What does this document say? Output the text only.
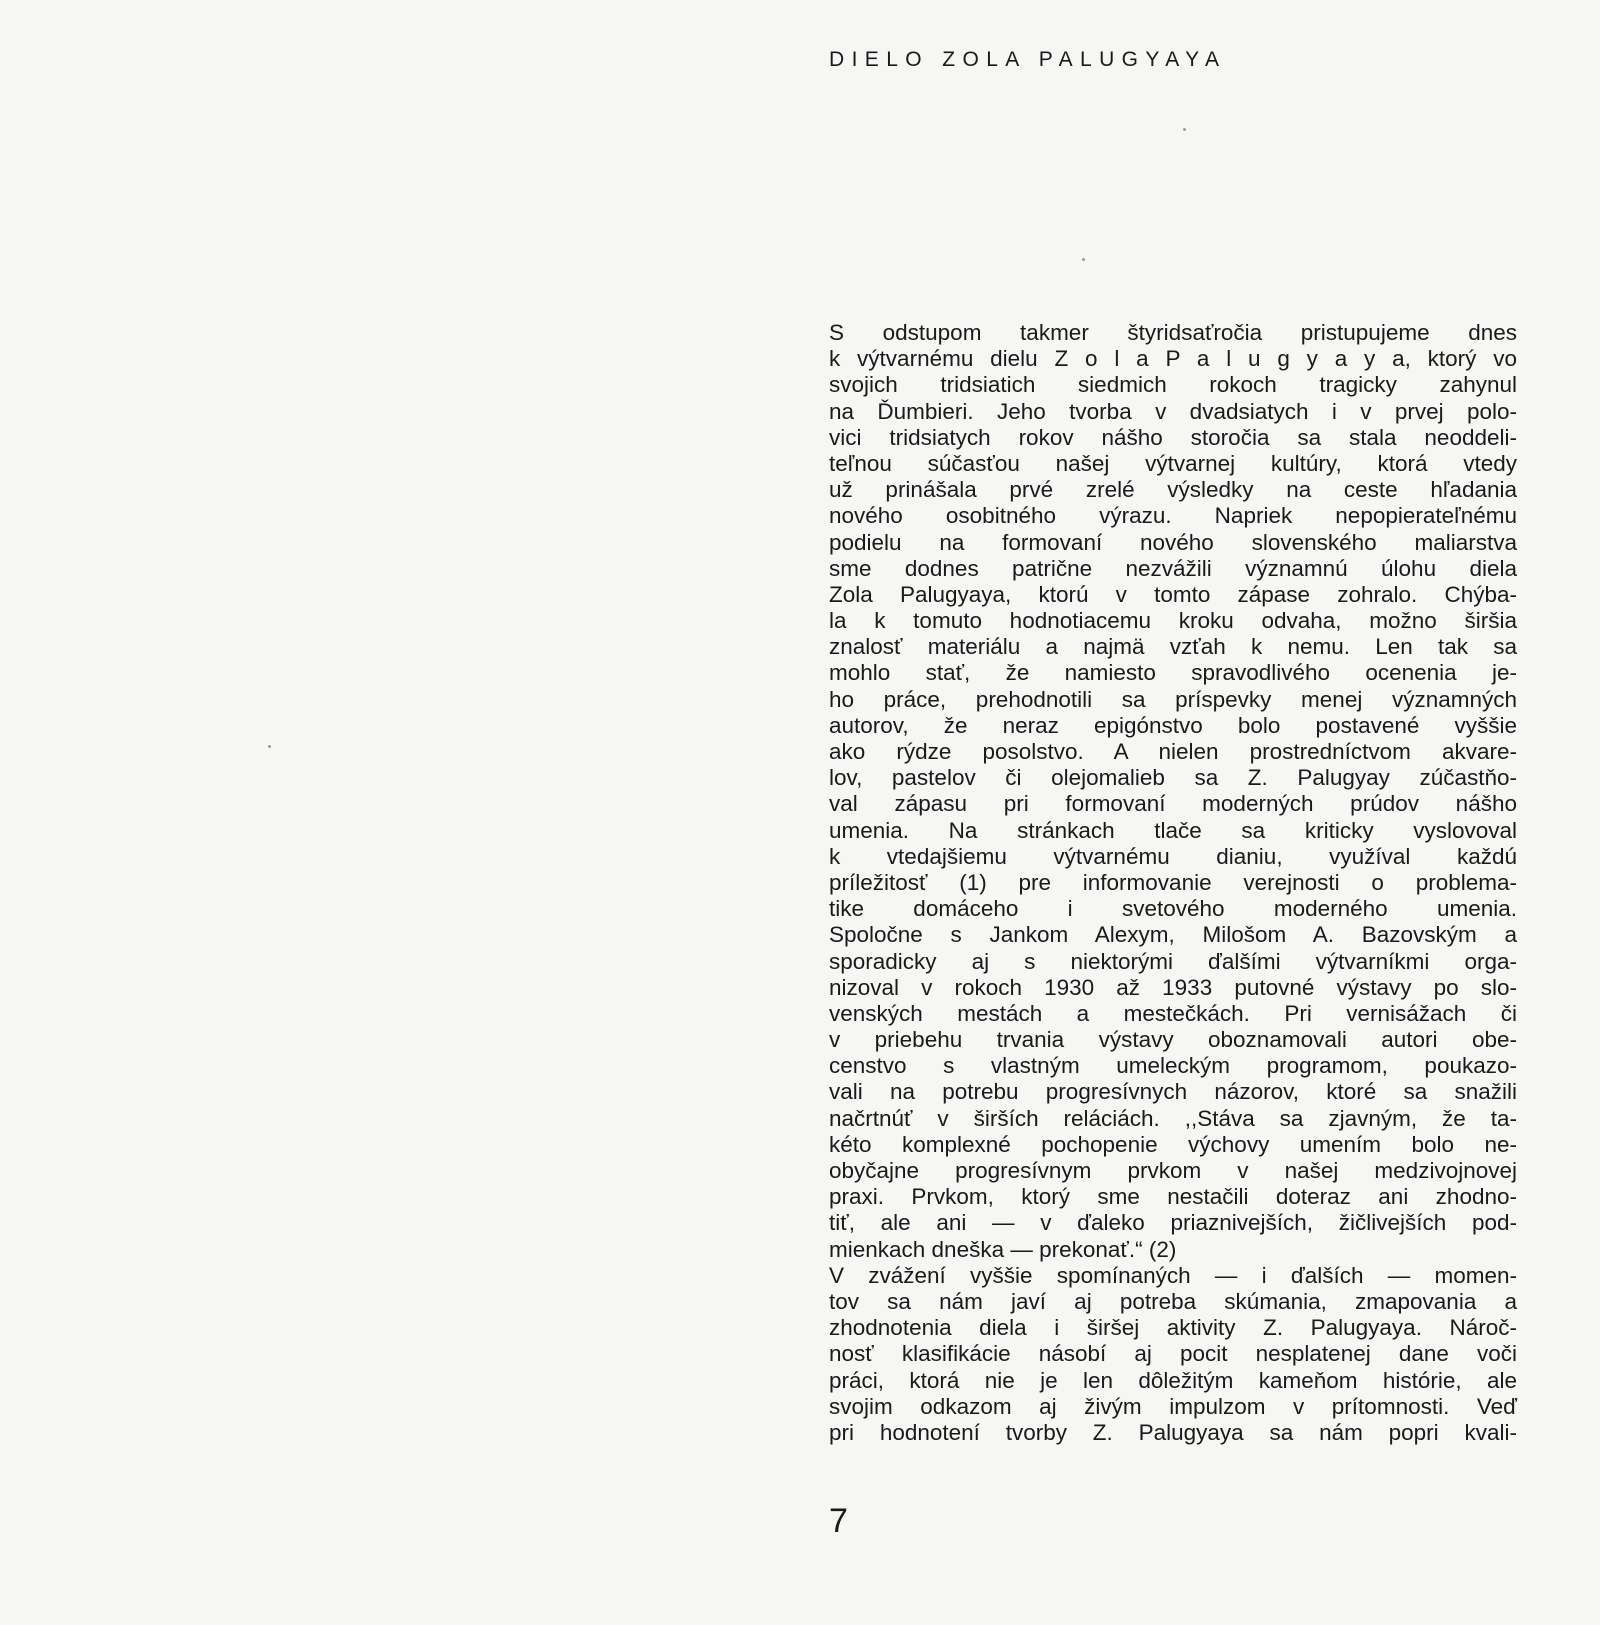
DIELO ZOLA PALUGYAYA
S odstupom takmer štyridsaťročia pristupujeme dnes
k výtvarnému dielu Z o l a P a l u g y a y a, ktorý vo
svojich tridsiatich siedmich rokoch tragicky zahynul
na Ďumbieri. Jeho tvorba v dvadsiatych i v prvej polo-
vici tridsiatych rokov nášho storočia sa stala neoddeli-
teľnou súčasťou našej výtvarnej kultúry, ktorá vtedy
už prinášala prvé zrelé výsledky na ceste hľadania
nového osobitného výrazu. Napriek nepopierateľnému
podielu na formovaní nového slovenského maliarstva
sme dodnes patrične nezvážili významnú úlohu diela
Zola Palugyaya, ktorú v tomto zápase zohralo. Chýba-
la k tomuto hodnotiacemu kroku odvaha, možno širšia
znalosť materiálu a najmä vzťah k nemu. Len tak sa
mohlo stať, že namiesto spravodlivého ocenenia je-
ho práce, prehodnotili sa príspevky menej významných
autorov, že neraz epigónstvo bolo postavené vyššie
ako rýdze posolstvo. A nielen prostredníctvom akvare-
lov, pastelov či olejomalieb sa Z. Palugyay zúčastňo-
val zápasu pri formovaní moderných prúdov nášho
umenia. Na stránkach tlače sa kriticky vyslovoval
k vtedajšiemu výtvarnému dianiu, využíval každú
príležitosť (1) pre informovanie verejnosti o problema-
tike domáceho i svetového moderného umenia.
Spoločne s Jankom Alexym, Milošom A. Bazovským a
sporadicky aj s niektorými ďalšími výtvarníkmi orga-
nizoval v rokoch 1930 až 1933 putovné výstavy po slo-
venských mestách a mestečkách. Pri vernisážach či
v priebehu trvania výstavy oboznamovali autori obe-
censtvo s vlastným umeleckým programom, poukazo-
vali na potrebu progresívnych názorov, ktoré sa snažili
načrtnúť v širších reláciách. ,,Stáva sa zjavným, že ta-
kéto komplexné pochopenie výchovy umením bolo ne-
obyčajne progresívnym prvkom v našej medzivojnovej
praxi. Prvkom, ktorý sme nestačili doteraz ani zhodno-
tiť, ale ani — v ďaleko priaznivejších, žičlivejších pod-
mienkach dneška — prekonať.“ (2)
V zvážení vyššie spomínaných — i ďalších — momen-
tov sa nám javí aj potreba skúmania, zmapovania a
zhodnotenia diela i širšej aktivity Z. Palugyaya. Nároč-
nosť klasifikácie násobí aj pocit nesplatenej dane voči
práci, ktorá nie je len dôležitým kameňom histórie, ale
svojim odkazom aj živým impulzom v prítomnosti. Veď
pri hodnotení tvorby Z. Palugyaya sa nám popri kvali-
7
